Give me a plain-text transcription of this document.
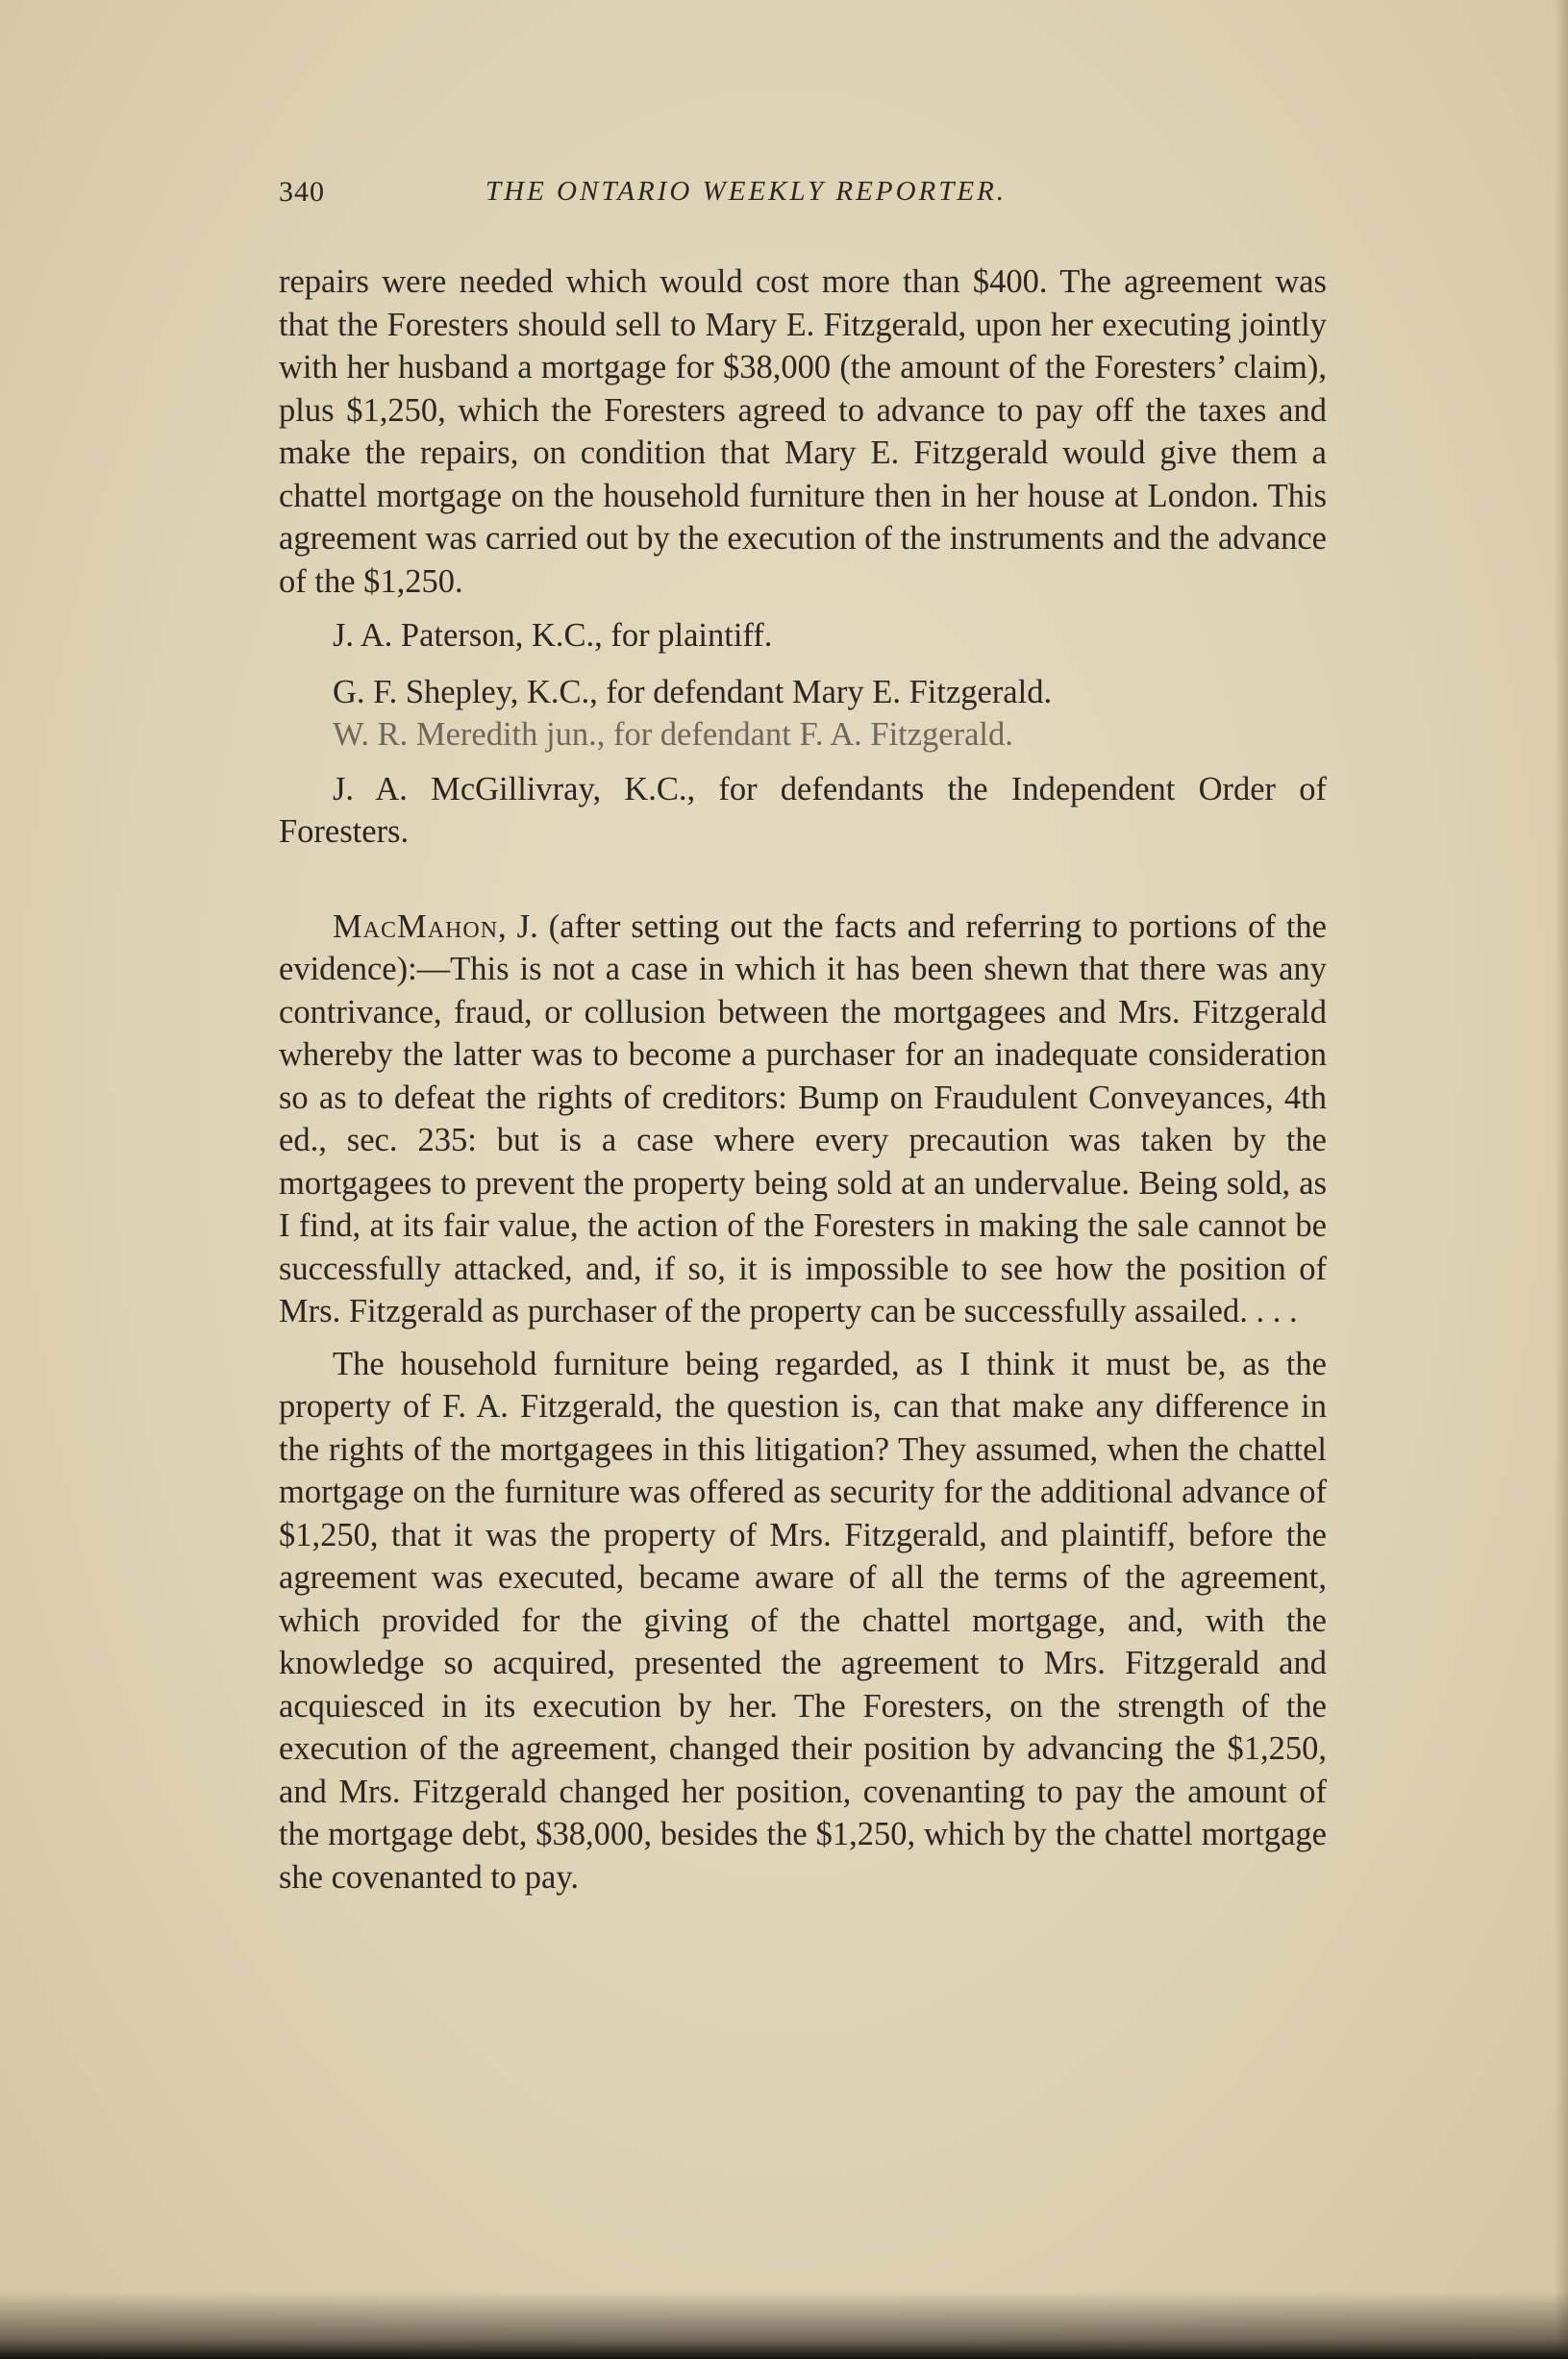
340	THE ONTARIO WEEKLY REPORTER.

repairs were needed which would cost more than $400. The agreement was that the Foresters should sell to Mary E. Fitzgerald, upon her executing jointly with her husband a mortgage for $38,000 (the amount of the Foresters’ claim), plus $1,250, which the Foresters agreed to advance to pay off the taxes and make the repairs, on condition that Mary E. Fitzgerald would give them a chattel mortgage on the household furniture then in her house at London. This agreement was carried out by the execution of the instruments and the advance of the $1,250.

J. A. Paterson, K.C., for plaintiff.

G. F. Shepley, K.C., for defendant Mary E. Fitzgerald.

W. R. Meredith jun., for defendant F. A. Fitzgerald.

J. A. McGillivray, K.C., for defendants the Independent Order of Foresters.

MacMahon, J. (after setting out the facts and referring to portions of the evidence):—This is not a case in which it has been shewn that there was any contrivance, fraud, or collusion between the mortgagees and Mrs. Fitzgerald whereby the latter was to become a purchaser for an inadequate consideration so as to defeat the rights of creditors: Bump on Fraudulent Conveyances, 4th ed., sec. 235: but is a case where every precaution was taken by the mortgagees to prevent the property being sold at an undervalue. Being sold, as I find, at its fair value, the action of the Foresters in making the sale cannot be successfully attacked, and, if so, it is impossible to see how the position of Mrs. Fitzgerald as purchaser of the property can be successfully assailed. . . .

The household furniture being regarded, as I think it must be, as the property of F. A. Fitzgerald, the question is, can that make any difference in the rights of the mortgagees in this litigation? They assumed, when the chattel mortgage on the furniture was offered as security for the additional advance of $1,250, that it was the property of Mrs. Fitzgerald, and plaintiff, before the agreement was executed, became aware of all the terms of the agreement, which provided for the giving of the chattel mortgage, and, with the knowledge so acquired, presented the agreement to Mrs. Fitzgerald and acquiesced in its execution by her. The Foresters, on the strength of the execution of the agreement, changed their position by advancing the $1,250, and Mrs. Fitzgerald changed her position, covenanting to pay the amount of the mortgage debt, $38,000, besides the $1,250, which by the chattel mortgage she covenanted to pay.
